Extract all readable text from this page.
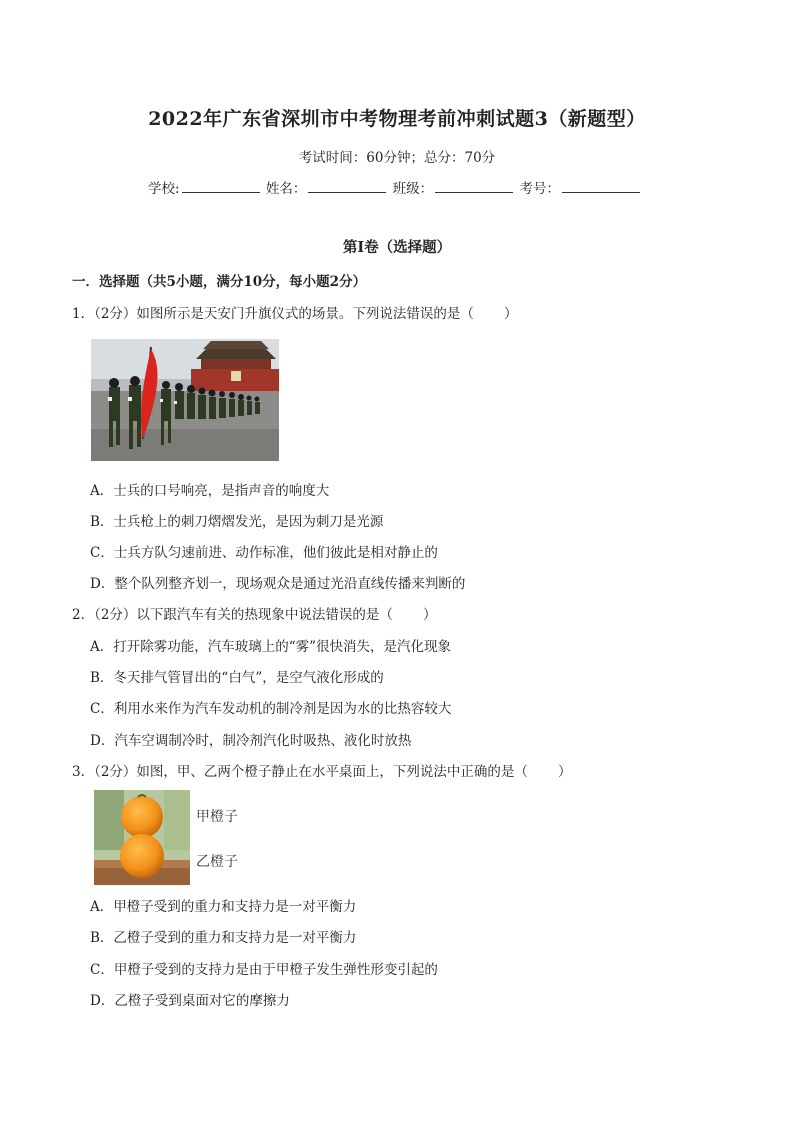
2022年广东省深圳市中考物理考前冲刺试题3（新题型）
考试时间：60分钟；总分：70分
学校:	姓名：	班级：	考号：
第Ⅰ卷（选择题）
一．选择题（共5小题，满分10分，每小题2分）
1．（2分）如图所示是天安门升旗仪式的场景。下列说法错误的是（ ）
A．士兵的口号响亮，是指声音的响度大
B．士兵枪上的刺刀熠熠发光，是因为刺刀是光源
C．士兵方队匀速前进、动作标准，他们彼此是相对静止的
D．整个队列整齐划一，现场观众是通过光沿直线传播来判断的
2．（2分）以下跟汽车有关的热现象中说法错误的是（ ）
A．打开除雾功能，汽车玻璃上的“雾”很快消失，是汽化现象
B．冬天排气管冒出的“白气”，是空气液化形成的
C．利用水来作为汽车发动机的制冷剂是因为水的比热容较大
D．汽车空调制冷时，制冷剂汽化时吸热、液化时放热
3．（2分）如图，甲、乙两个橙子静止在水平桌面上，下列说法中正确的是（ ）
甲橙子
乙橙子
A．甲橙子受到的重力和支持力是一对平衡力
B．乙橙子受到的重力和支持力是一对平衡力
C．甲橙子受到的支持力是由于甲橙子发生弹性形变引起的
D．乙橙子受到桌面对它的摩擦力
